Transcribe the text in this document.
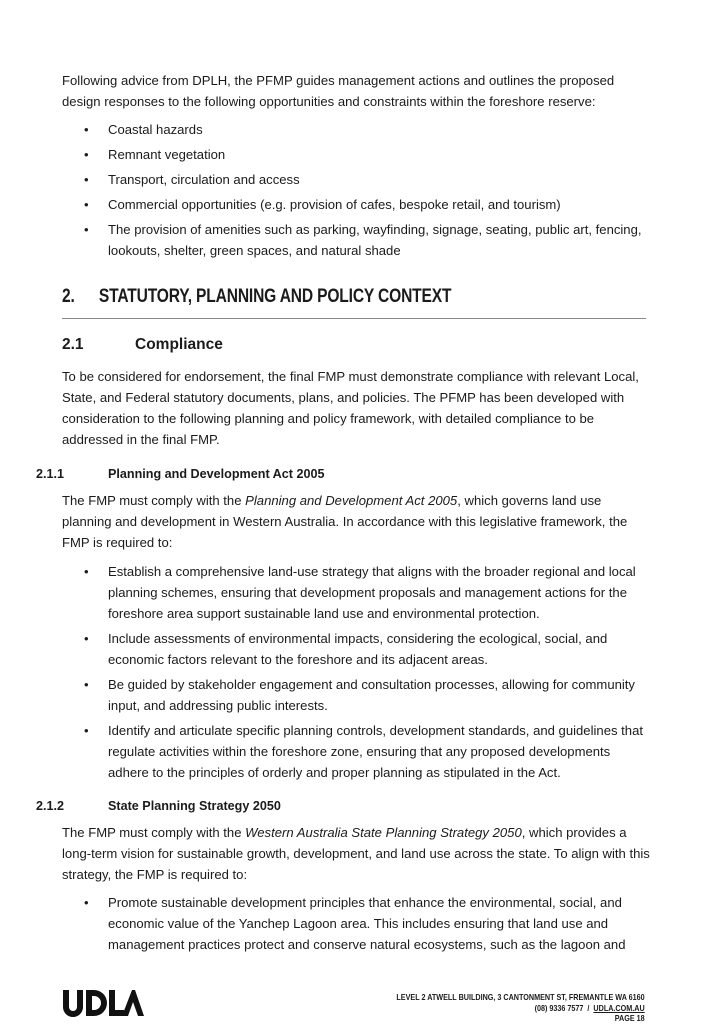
Following advice from DPLH, the PFMP guides management actions and outlines the proposed design responses to the following opportunities and constraints within the foreshore reserve:
• Coastal hazards
• Remnant vegetation
• Transport, circulation and access
• Commercial opportunities (e.g. provision of cafes, bespoke retail, and tourism)
• The provision of amenities such as parking, wayfinding, signage, seating, public art, fencing, lookouts, shelter, green spaces, and natural shade
2. STATUTORY, PLANNING AND POLICY CONTEXT
2.1	Compliance
To be considered for endorsement, the final FMP must demonstrate compliance with relevant Local, State, and Federal statutory documents, plans, and policies. The PFMP has been developed with consideration to the following planning and policy framework, with detailed compliance to be addressed in the final FMP.
2.1.1	Planning and Development Act 2005
The FMP must comply with the Planning and Development Act 2005, which governs land use planning and development in Western Australia. In accordance with this legislative framework, the FMP is required to:
• Establish a comprehensive land-use strategy that aligns with the broader regional and local planning schemes, ensuring that development proposals and management actions for the foreshore area support sustainable land use and environmental protection.
• Include assessments of environmental impacts, considering the ecological, social, and economic factors relevant to the foreshore and its adjacent areas.
• Be guided by stakeholder engagement and consultation processes, allowing for community input, and addressing public interests.
• Identify and articulate specific planning controls, development standards, and guidelines that regulate activities within the foreshore zone, ensuring that any proposed developments adhere to the principles of orderly and proper planning as stipulated in the Act.
2.1.2	State Planning Strategy 2050
The FMP must comply with the Western Australia State Planning Strategy 2050, which provides a long-term vision for sustainable growth, development, and land use across the state. To align with this strategy, the FMP is required to:
• Promote sustainable development principles that enhance the environmental, social, and economic value of the Yanchep Lagoon area. This includes ensuring that land use and management practices protect and conserve natural ecosystems, such as the lagoon and
LEVEL 2 ATWELL BUILDING, 3 CANTONMENT ST, FREMANTLE WA 6160
(08) 9336 7577 / UDLA.COM.AU
PAGE 18
